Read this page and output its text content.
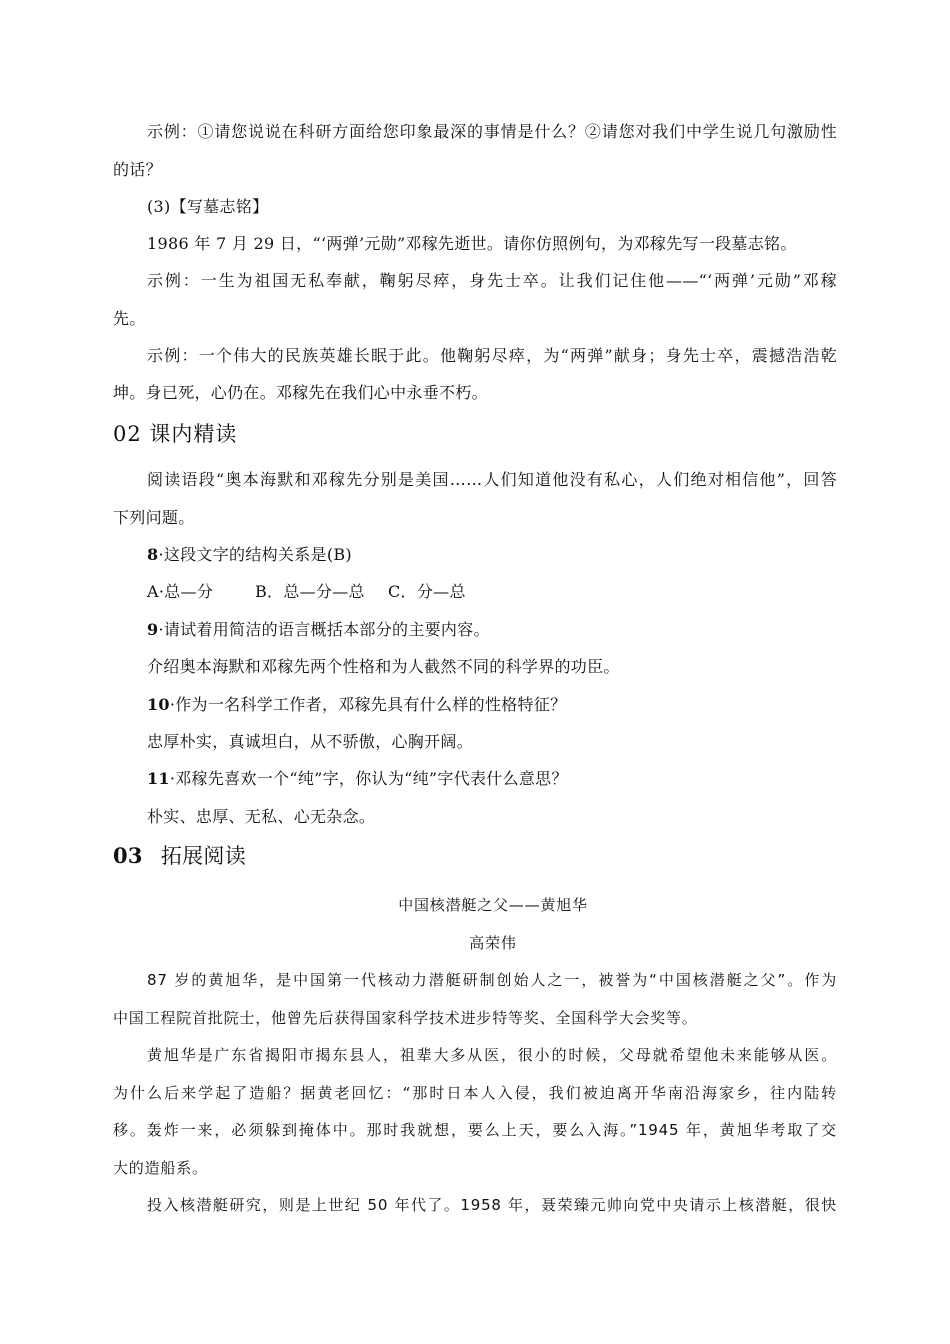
示例：①请您说说在科研方面给您印象最深的事情是什么？②请您对我们中学生说几句激励性
的话？
(3)【写墓志铭】
1986 年 7 月 29 日，“‘两弹’元勋”邓稼先逝世。请你仿照例句，为邓稼先写一段墓志铭。
示例：一生为祖国无私奉献，鞠躬尽瘁，身先士卒。让我们记住他——“‘两弹’元勋”邓稼
先。
示例：一个伟大的民族英雄长眠于此。他鞠躬尽瘁，为“两弹”献身；身先士卒，震撼浩浩乾
坤。身已死，心仍在。邓稼先在我们心中永垂不朽。
02 课内精读
阅读语段“奥本海默和邓稼先分别是美国……人们知道他没有私心，人们绝对相信他”，回答
下列问题。
8·这段文字的结构关系是(B)
A·总—分	B．总—分—总 C．分—总
9·请试着用简洁的语言概括本部分的主要内容。
介绍奥本海默和邓稼先两个性格和为人截然不同的科学界的功臣。
10·作为一名科学工作者，邓稼先具有什么样的性格特征？
忠厚朴实，真诚坦白，从不骄傲，心胸开阔。
11·邓稼先喜欢一个“纯”字，你认为“纯”字代表什么意思？
朴实、忠厚、无私、心无杂念。
03 拓展阅读
中国核潜艇之父——黄旭华
高荣伟
87 岁的黄旭华，是中国第一代核动力潜艇研制创始人之一，被誉为“中国核潜艇之父”。作为
中国工程院首批院士，他曾先后获得国家科学技术进步特等奖、全国科学大会奖等。
黄旭华是广东省揭阳市揭东县人，祖辈大多从医，很小的时候，父母就希望他未来能够从医。
为什么后来学起了造船？据黄老回忆：“那时日本人入侵，我们被迫离开华南沿海家乡，往内陆转
移。轰炸一来，必须躲到掩体中。那时我就想，要么上天，要么入海。”1945 年，黄旭华考取了交
大的造船系。
投入核潜艇研究，则是上世纪 50 年代了。1958 年，聂荣臻元帅向党中央请示上核潜艇，很快
